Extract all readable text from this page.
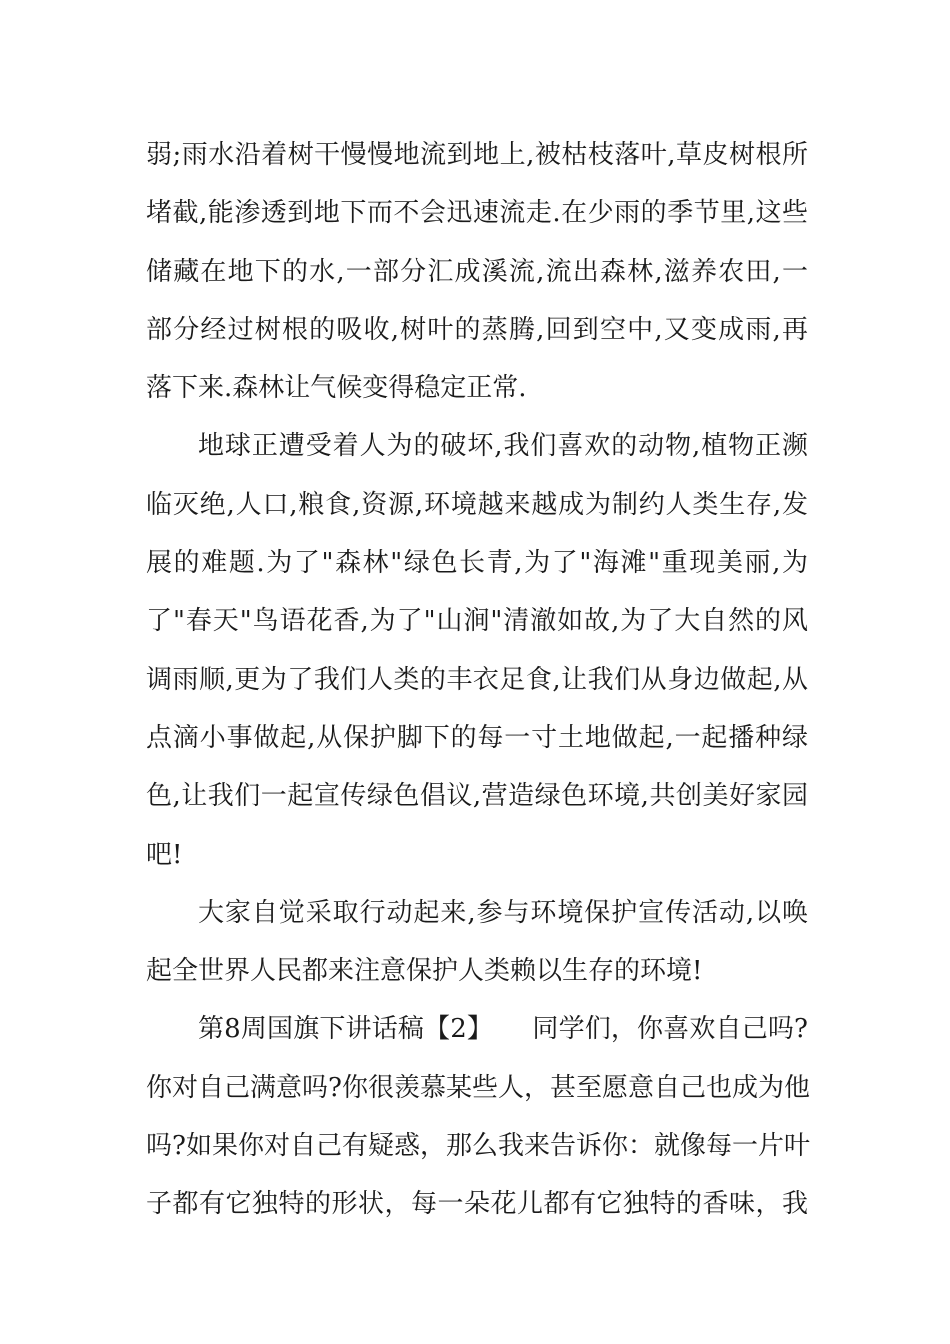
弱;雨水沿着树干慢慢地流到地上,被枯枝落叶,草皮树根所
堵截,能渗透到地下而不会迅速流走.在少雨的季节里,这些
储藏在地下的水,一部分汇成溪流,流出森林,滋养农田,一
部分经过树根的吸收,树叶的蒸腾,回到空中,又变成雨,再
落下来.森林让气候变得稳定正常.
地球正遭受着人为的破坏,我们喜欢的动物,植物正濒
临灭绝,人口,粮食,资源,环境越来越成为制约人类生存,发
展的难题.为了"森林"绿色长青,为了"海滩"重现美丽,为
了"春天"鸟语花香,为了"山涧"清澈如故,为了大自然的风
调雨顺,更为了我们人类的丰衣足食,让我们从身边做起,从
点滴小事做起,从保护脚下的每一寸土地做起,一起播种绿
色,让我们一起宣传绿色倡议,营造绿色环境,共创美好家园
吧!
大家自觉采取行动起来,参与环境保护宣传活动,以唤
起全世界人民都来注意保护人类赖以生存的环境!
第8周国旗下讲话稿【2】　　同学们，你喜欢自己吗?
你对自己满意吗?你很羡慕某些人，甚至愿意自己也成为他
吗?如果你对自己有疑惑，那么我来告诉你：就像每一片叶
子都有它独特的形状，每一朵花儿都有它独特的香味，我
